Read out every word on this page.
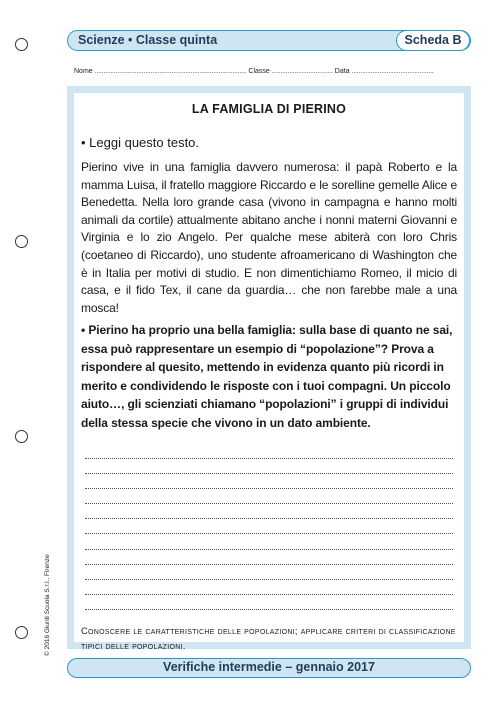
Scienze • Classe quinta	Scheda B
Nome ....................................................................................... Classe ................................... Data ...............................................
LA FAMIGLIA DI PIERINO
• Leggi questo testo.
Pierino vive in una famiglia davvero numerosa: il papà Roberto e la mamma Luisa, il fratello maggiore Riccardo e le sorelline gemelle Alice e Benedetta. Nella loro grande casa (vivono in campagna e hanno molti animali da cortile) attualmente abitano anche i nonni materni Giovanni e Virginia e lo zio Angelo. Per qualche mese abiterà con loro Chris (coetaneo di Riccardo), uno studente afroamericano di Washington che è in Italia per motivi di studio. E non dimentichiamo Romeo, il micio di casa, e il fido Tex, il cane da guardia… che non farebbe male a una mosca!
• Pierino ha proprio una bella famiglia: sulla base di quanto ne sai, essa può rappresentare un esempio di “popolazione”? Prova a rispondere al quesito, mettendo in evidenza quanto più ricordi in merito e condividendo le risposte con i tuoi compagni. Un piccolo aiuto…, gli scienziati chiamano “popolazioni” i gruppi di individui della stessa specie che vivono in un dato ambiente.
Conoscere le caratteristiche delle popolazioni; applicare criteri di classificazione tipici delle popolazioni.
Verifiche intermedie – gennaio 2017
© 2016 Giunti Scuola S.r.l., Firenze
